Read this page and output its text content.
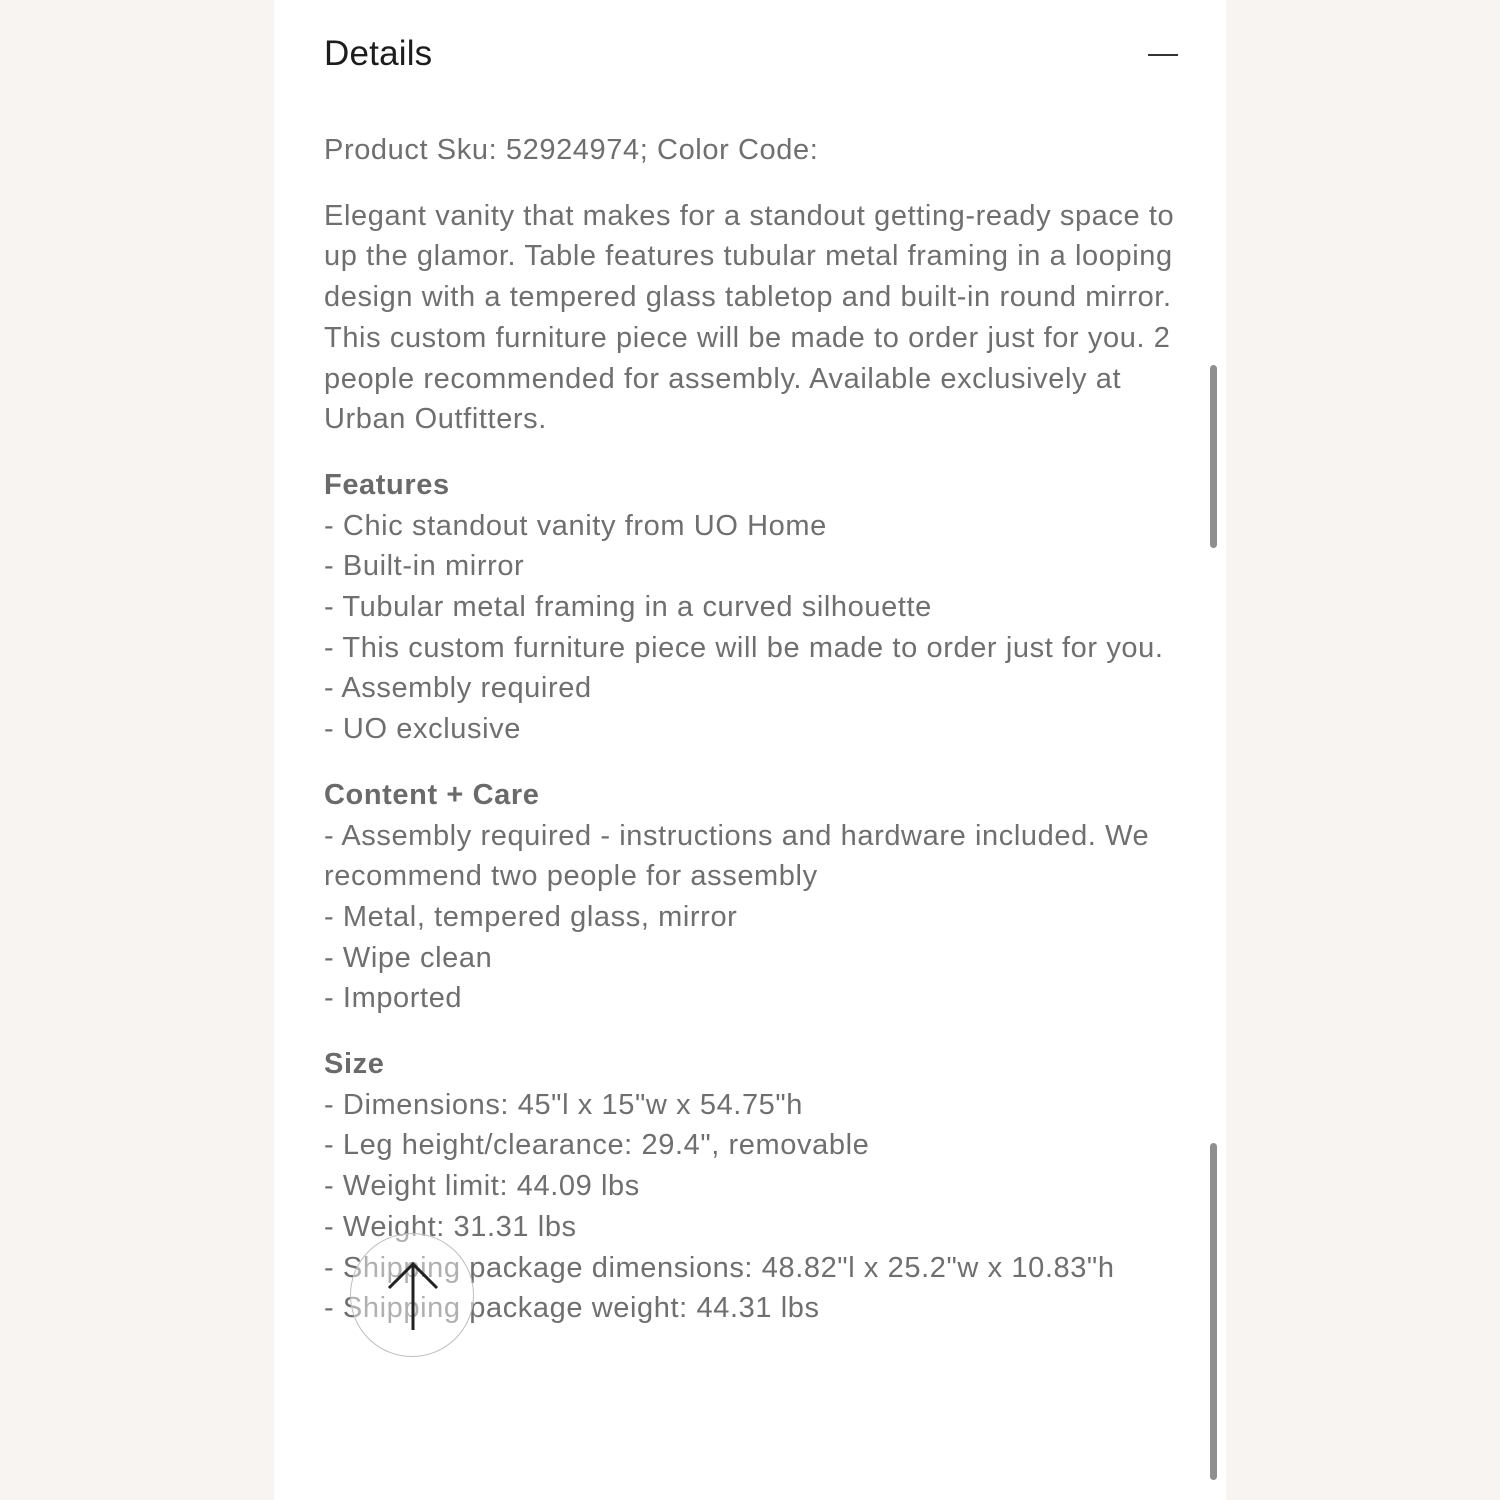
Details

Product Sku: 52924974; Color Code:

Elegant vanity that makes for a standout getting-ready space to up the glamor. Table features tubular metal framing in a looping design with a tempered glass tabletop and built-in round mirror. This custom furniture piece will be made to order just for you. 2 people recommended for assembly. Available exclusively at Urban Outfitters.

Features

- Chic standout vanity from UO Home
- Built-in mirror
- Tubular metal framing in a curved silhouette
- This custom furniture piece will be made to order just for you.
- Assembly required
- UO exclusive

Content + Care

- Assembly required - instructions and hardware included. We recommend two people for assembly
- Metal, tempered glass, mirror
- Wipe clean
- Imported

Size

- Dimensions: 45"l x 15"w x 54.75"h
- Leg height/clearance: 29.4", removable
- Weight limit: 44.09 lbs
- Weight: 31.31 lbs
- Shipping package dimensions: 48.82"l x 25.2"w x 10.83"h
- Shipping package weight: 44.31 lbs
